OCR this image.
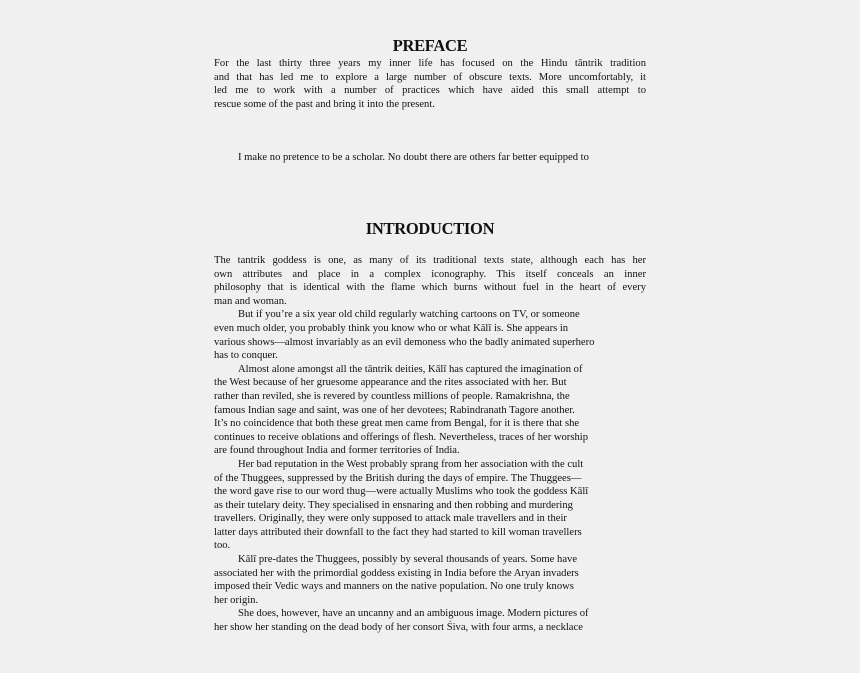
PREFACE
For the last thirty three years my inner life has focused on the Hindu tāntrik tradition
and that has led me to explore a large number of obscure texts. More uncomfortably, it
led me to work with a number of practices which have aided this small attempt to
rescue some of the past and bring it into the present.
I make no pretence to be a scholar. No doubt there are others far better equipped to
INTRODUCTION
The tantrik goddess is one, as many of its traditional texts state, although each has her
own attributes and place in a complex iconography. This itself conceals an inner
philosophy that is identical with the flame which burns without fuel in the heart of every
man and woman.
But if you’re a six year old child regularly watching cartoons on TV, or someone
even much older, you probably think you know who or what Kālī is. She appears in
various shows—almost invariably as an evil demoness who the badly animated superhero
has to conquer.
Almost alone amongst all the tāntrik deities, Kālī has captured the imagination of
the West because of her gruesome appearance and the rites associated with her. But
rather than reviled, she is revered by countless millions of people. Ramakrishna, the
famous Indian sage and saint, was one of her devotees; Rabindranath Tagore another.
It’s no coincidence that both these great men came from Bengal, for it is there that she
continues to receive oblations and offerings of flesh. Nevertheless, traces of her worship
are found throughout India and former territories of India.
Her bad reputation in the West probably sprang from her association with the cult
of the Thuggees, suppressed by the British during the days of empire. The Thuggees—
the word gave rise to our word thug—were actually Muslims who took the goddess Kālī
as their tutelary deity. They specialised in ensnaring and then robbing and murdering
travellers. Originally, they were only supposed to attack male travellers and in their
latter days attributed their downfall to the fact they had started to kill woman travellers
too.
Kālī pre-dates the Thuggees, possibly by several thousands of years. Some have
associated her with the primordial goddess existing in India before the Aryan invaders
imposed their Vedic ways and manners on the native population. No one truly knows
her origin.
She does, however, have an uncanny and an ambiguous image. Modern pictures of
her show her standing on the dead body of her consort Śiva, with four arms, a necklace
